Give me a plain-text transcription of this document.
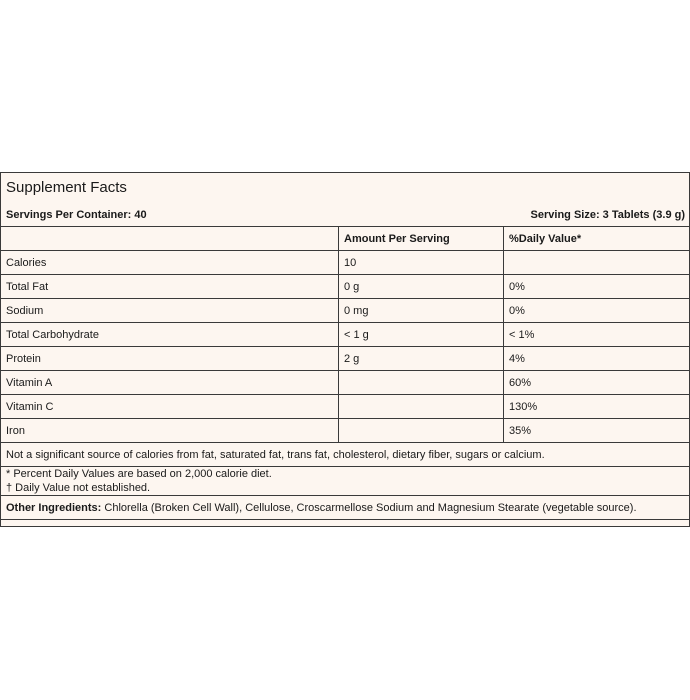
Supplement Facts
Servings Per Container: 40	Serving Size: 3 Tablets (3.9 g)
	Amount Per Serving	%Daily Value*
Calories	10	
Total Fat	0 g	0%
Sodium	0 mg	0%
Total Carbohydrate	< 1 g	< 1%
Protein	2 g	4%
Vitamin A		60%
Vitamin C		130%
Iron		35%
Not a significant source of calories from fat, saturated fat, trans fat, cholesterol, dietary fiber, sugars or calcium.		

* Percent Daily Values are based on 2,000 calorie diet.
† Daily Value not established.		

Other Ingredients: Chlorella (Broken Cell Wall), Cellulose, Croscarmellose Sodium and Magnesium Stearate (vegetable source).		
